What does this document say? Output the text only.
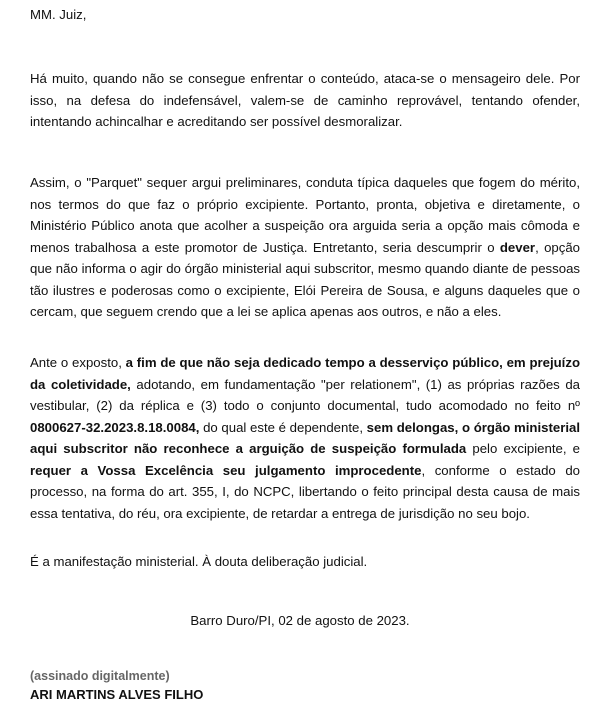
MM. Juiz,

Há muito, quando não se consegue enfrentar o conteúdo, ataca-se o mensageiro dele. Por isso, na defesa do indefensável, valem-se de caminho reprovável, tentando ofender, intentando achincalhar e acreditando ser possível desmoralizar.

Assim, o "Parquet" sequer argui preliminares, conduta típica daqueles que fogem do mérito, nos termos do que faz o próprio excipiente. Portanto, pronta, objetiva e diretamente, o Ministério Público anota que acolher a suspeição ora arguida seria a opção mais cômoda e menos trabalhosa a este promotor de Justiça. Entretanto, seria descumprir o dever, opção que não informa o agir do órgão ministerial aqui subscritor, mesmo quando diante de pessoas tão ilustres e poderosas como o excipiente, Elói Pereira de Sousa, e alguns daqueles que o cercam, que seguem crendo que a lei se aplica apenas aos outros, e não a eles.

Ante o exposto, a fim de que não seja dedicado tempo a desserviço público, em prejuízo da coletividade, adotando, em fundamentação "per relationem", (1) as próprias razões da vestibular, (2) da réplica e (3) todo o conjunto documental, tudo acomodado no feito nº 0800627-32.2023.8.18.0084, do qual este é dependente, sem delongas, o órgão ministerial aqui subscritor não reconhece a arguição de suspeição formulada pelo excipiente, e requer a Vossa Excelência seu julgamento improcedente, conforme o estado do processo, na forma do art. 355, I, do NCPC, libertando o feito principal desta causa de mais essa tentativa, do réu, ora excipiente, de retardar a entrega de jurisdição no seu bojo.

É a manifestação ministerial. À douta deliberação judicial.

Barro Duro/PI, 02 de agosto de 2023.
(assinado digitalmente)
ARI MARTINS ALVES FILHO
